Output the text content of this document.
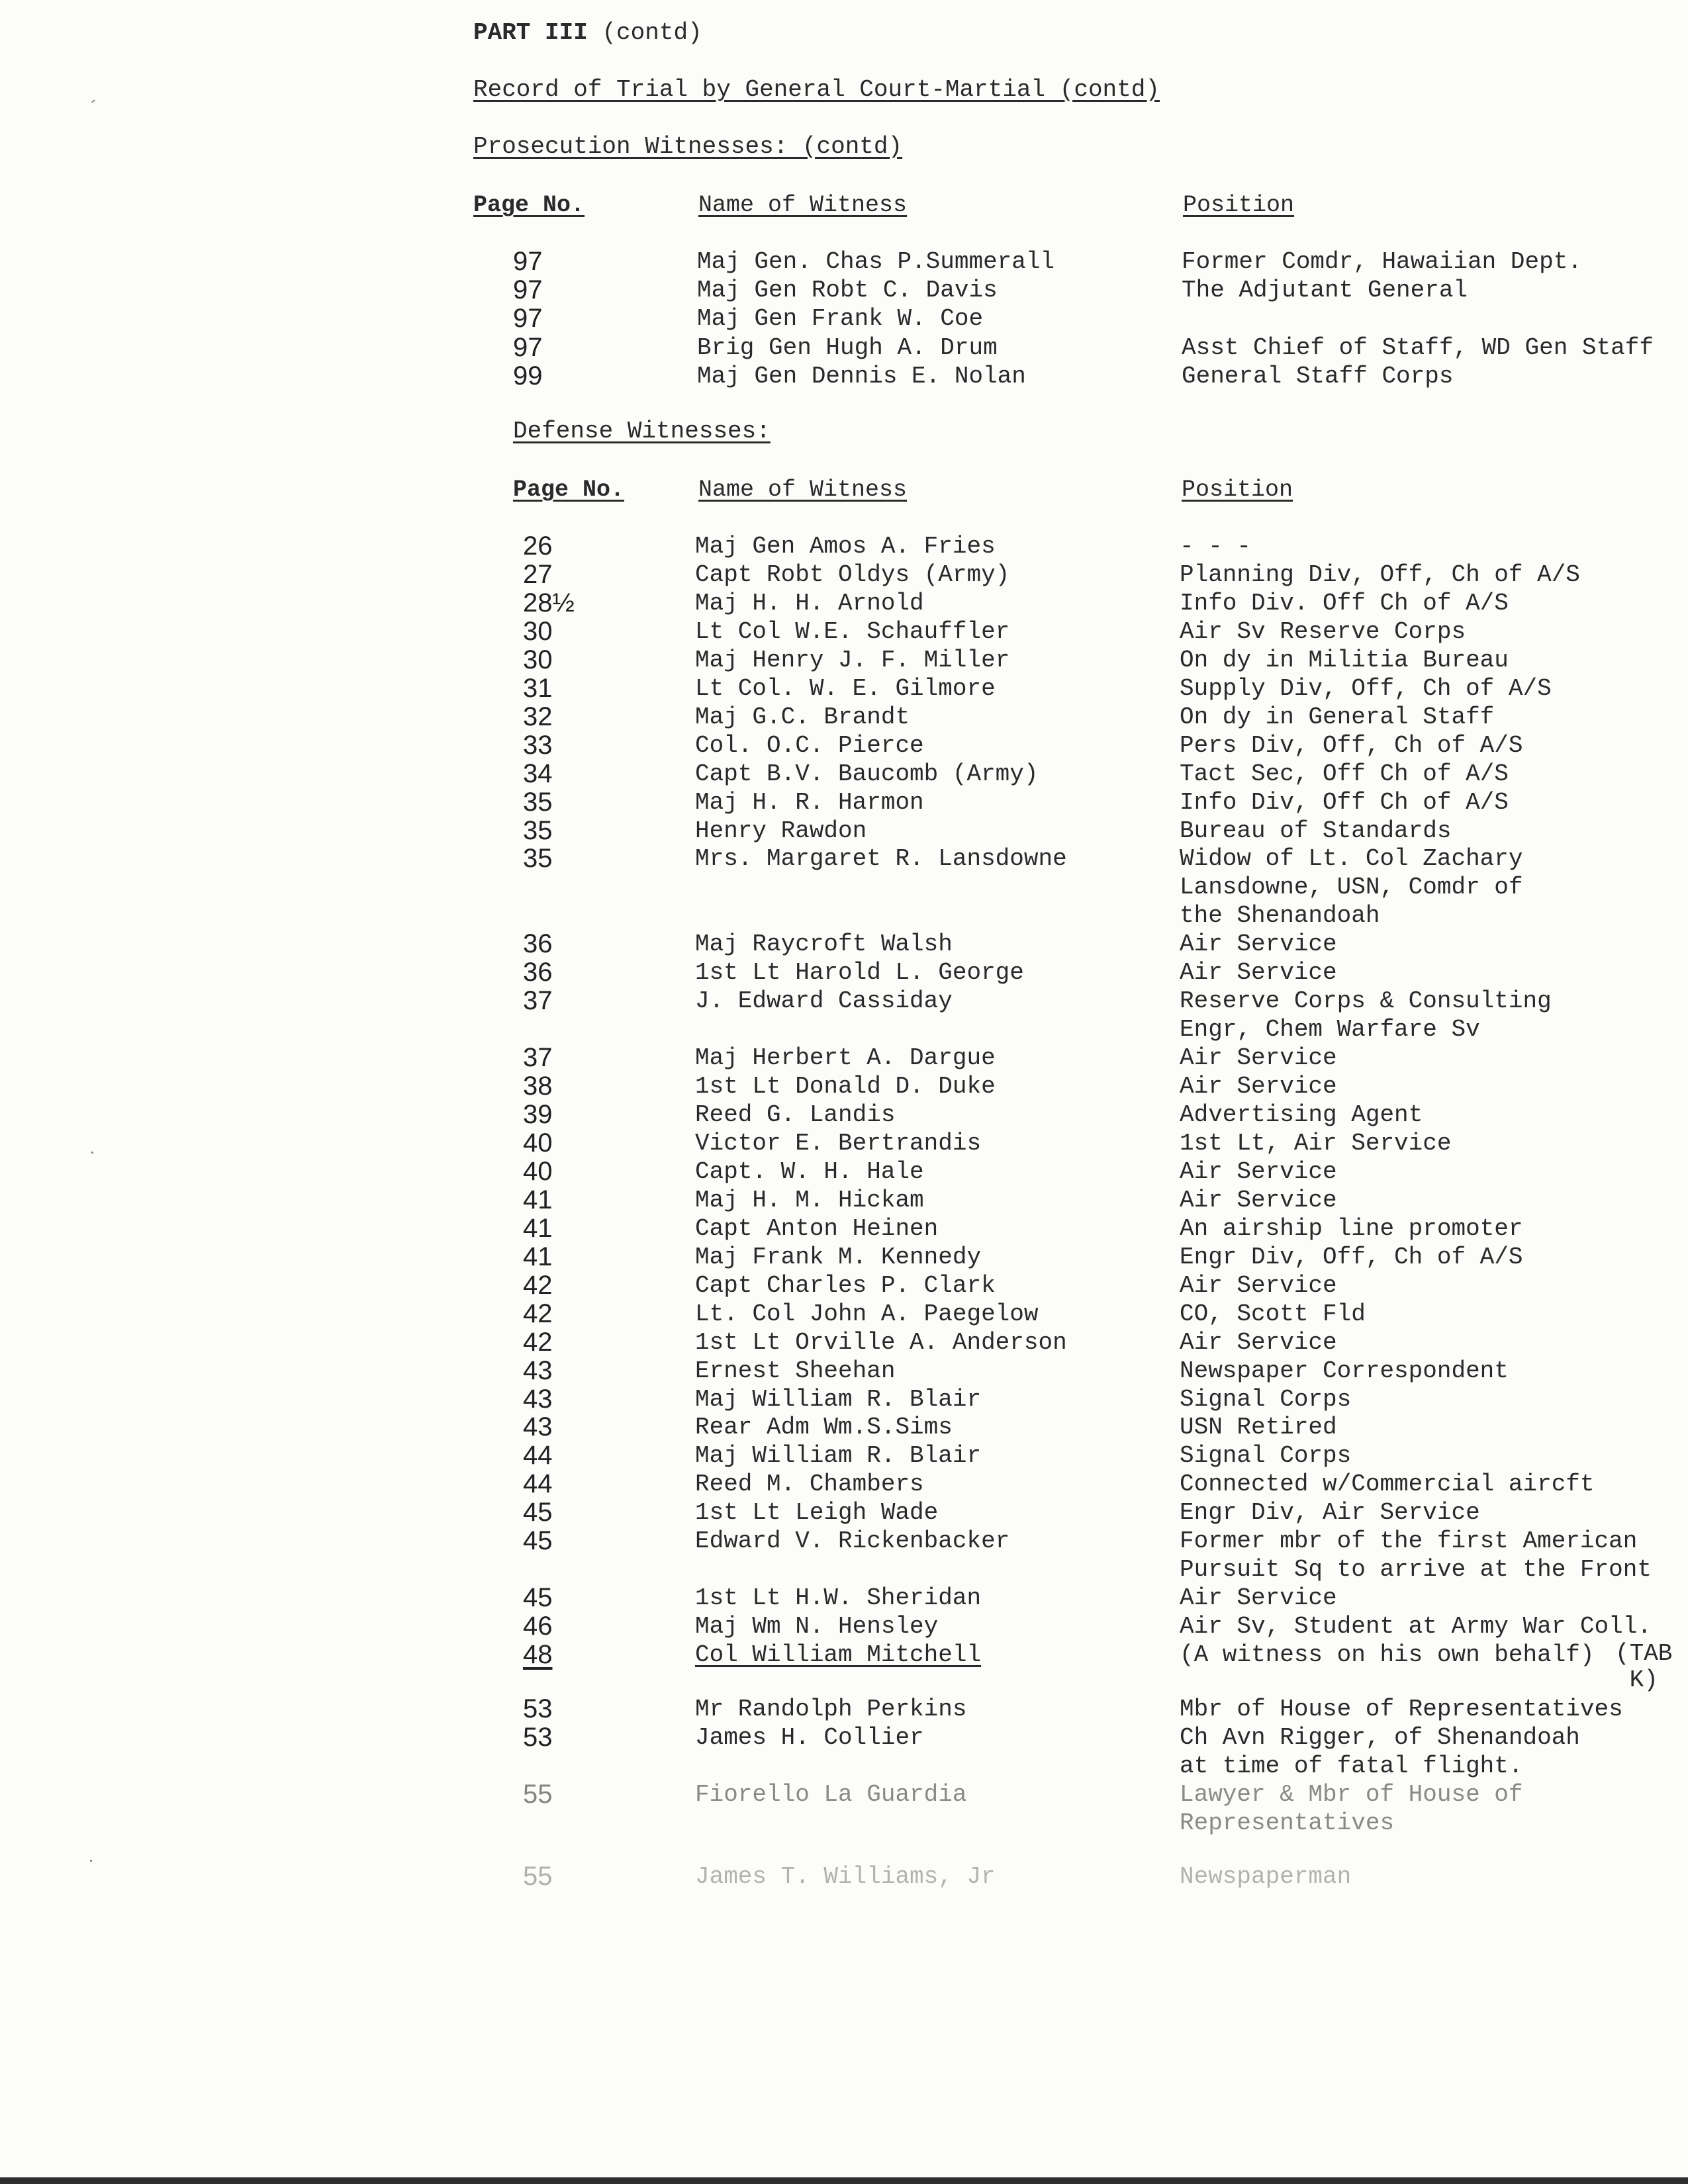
PART III (contd)
Record of Trial by General Court-Martial (contd)
Prosecution Witnesses: (contd)
Page No.	Name of Witness	Position
97	Maj Gen. Chas P.Summerall	Former Comdr, Hawaiian Dept.
97	Maj Gen Robt C. Davis	The Adjutant General
97	Maj Gen Frank W. Coe
97	Brig Gen Hugh A. Drum	Asst Chief of Staff, WD Gen Staff
99	Maj Gen Dennis E. Nolan	General Staff Corps
Defense Witnesses:
Page No.	Name of Witness	Position
26	Maj Gen Amos A. Fries	- - -
27	Capt Robt Oldys (Army)	Planning Div, Off, Ch of A/S
28½	Maj H. H. Arnold	Info Div. Off Ch of A/S
30	Lt Col W.E. Schauffler	Air Sv Reserve Corps
30	Maj Henry J. F. Miller	On dy in Militia Bureau
31	Lt Col. W. E. Gilmore	Supply Div, Off, Ch of A/S
32	Maj G.C. Brandt	On dy in General Staff
33	Col. O.C. Pierce	Pers Div, Off, Ch of A/S
34	Capt B.V. Baucomb (Army)	Tact Sec, Off Ch of A/S
35	Maj H. R. Harmon	Info Div, Off Ch of A/S
35	Henry Rawdon	Bureau of Standards
35	Mrs. Margaret R. Lansdowne	Widow of Lt. Col Zachary
Lansdowne, USN, Comdr of
the Shenandoah
36	Maj Raycroft Walsh	Air Service
36	1st Lt Harold L. George	Air Service
37	J. Edward Cassiday	Reserve Corps & Consulting
Engr, Chem Warfare Sv
37	Maj Herbert A. Dargue	Air Service
38	1st Lt Donald D. Duke	Air Service
39	Reed G. Landis	Advertising Agent
40	Victor E. Bertrandis	1st Lt, Air Service
40	Capt. W. H. Hale	Air Service
41	Maj H. M. Hickam	Air Service
41	Capt Anton Heinen	An airship line promoter
41	Maj Frank M. Kennedy	Engr Div, Off, Ch of A/S
42	Capt Charles P. Clark	Air Service
42	Lt. Col John A. Paegelow	CO, Scott Fld
42	1st Lt Orville A. Anderson	Air Service
43	Ernest Sheehan	Newspaper Correspondent
43	Maj William R. Blair	Signal Corps
43	Rear Adm Wm.S.Sims	USN Retired
44	Maj William R. Blair	Signal Corps
44	Reed M. Chambers	Connected w/Commercial aircft
45	1st Lt Leigh Wade	Engr Div, Air Service
45	Edward V. Rickenbacker	Former mbr of the first American
Pursuit Sq to arrive at the Front
45	1st Lt H.W. Sheridan	Air Service
46	Maj Wm N. Hensley	Air Sv, Student at Army War Coll.
48	Col William Mitchell	(A witness on his own behalf) (TAB
K)
53	Mr Randolph Perkins	Mbr of House of Representatives
53	James H. Collier	Ch Avn Rigger, of Shenandoah
at time of fatal flight.
55	Fiorello La Guardia	Lawyer & Mbr of House of
Representatives
55	James T. Williams, Jr	Newspaperman
